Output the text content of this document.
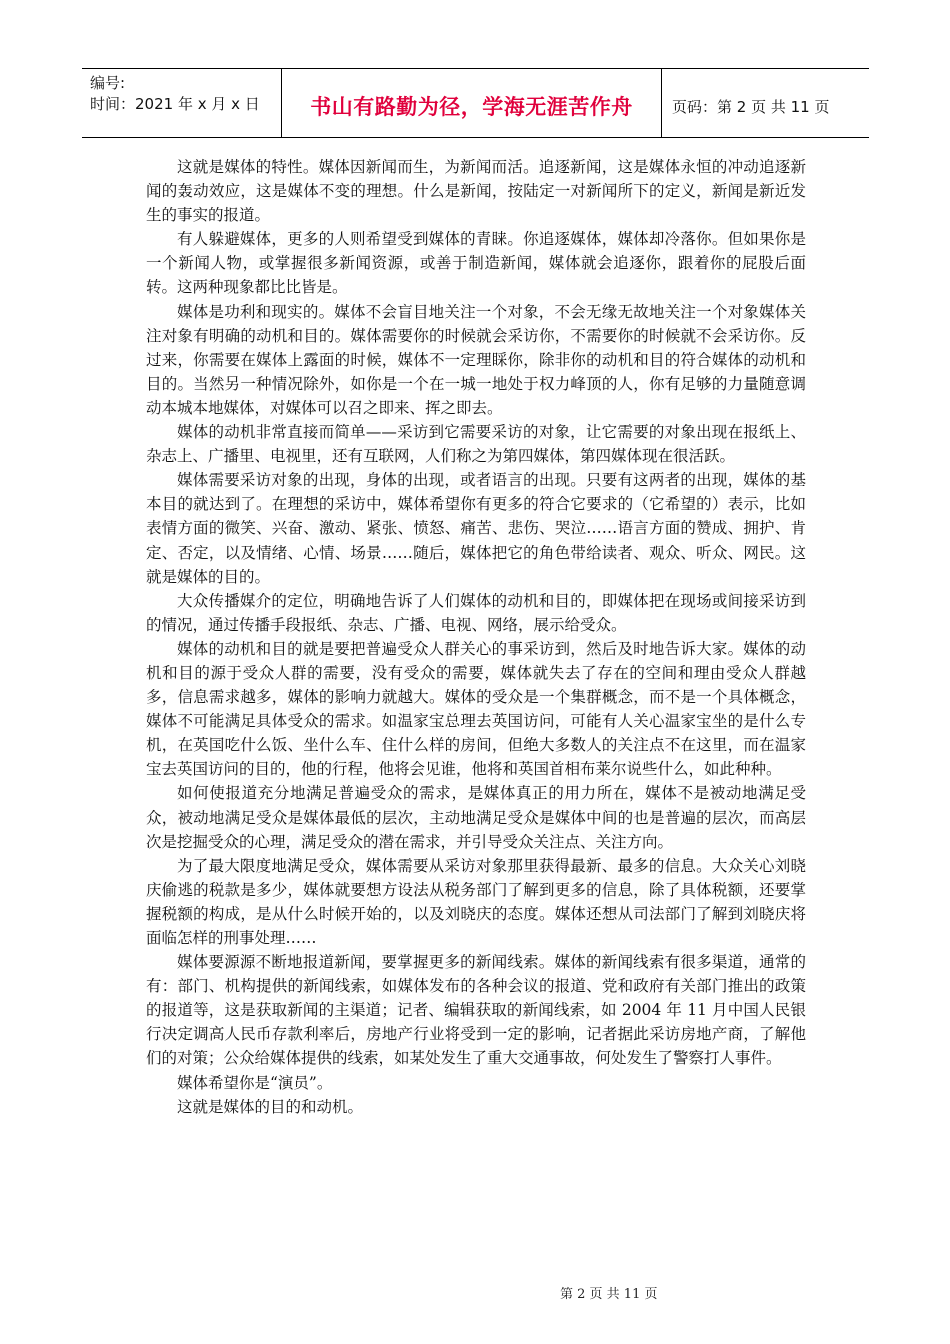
编号:
时间：2021 年 x 月 x 日	书山有路勤为径，学海无涯苦作舟	页码：第 2 页 共 11 页

这就是媒体的特性。媒体因新闻而生，为新闻而活。追逐新闻，这是媒体永恒的冲动追逐新闻的轰动效应，这是媒体不变的理想。什么是新闻，按陆定一对新闻所下的定义，新闻是新近发生的事实的报道。

有人躲避媒体，更多的人则希望受到媒体的青睐。你追逐媒体，媒体却冷落你。但如果你是一个新闻人物，或掌握很多新闻资源，或善于制造新闻，媒体就会追逐你，跟着你的屁股后面转。这两种现象都比比皆是。

媒体是功利和现实的。媒体不会盲目地关注一个对象，不会无缘无故地关注一个对象媒体关注对象有明确的动机和目的。媒体需要你的时候就会采访你，不需要你的时候就不会采访你。反过来，你需要在媒体上露面的时候，媒体不一定理睬你，除非你的动机和目的符合媒体的动机和目的。当然另一种情况除外，如你是一个在一城一地处于权力峰顶的人，你有足够的力量随意调动本城本地媒体，对媒体可以召之即来、挥之即去。

媒体的动机非常直接而简单——采访到它需要采访的对象，让它需要的对象出现在报纸上、杂志上、广播里、电视里，还有互联网，人们称之为第四媒体，第四媒体现在很活跃。

媒体需要采访对象的出现，身体的出现，或者语言的出现。只要有这两者的出现，媒体的基本目的就达到了。在理想的采访中，媒体希望你有更多的符合它要求的（它希望的）表示，比如表情方面的微笑、兴奋、激动、紧张、愤怒、痛苦、悲伤、哭泣……语言方面的赞成、拥护、肯定、否定，以及情绪、心情、场景……随后，媒体把它的角色带给读者、观众、听众、网民。这就是媒体的目的。

大众传播媒介的定位，明确地告诉了人们媒体的动机和目的，即媒体把在现场或间接采访到的情况，通过传播手段报纸、杂志、广播、电视、网络，展示给受众。

媒体的动机和目的就是要把普遍受众人群关心的事采访到，然后及时地告诉大家。媒体的动机和目的源于受众人群的需要，没有受众的需要，媒体就失去了存在的空间和理由受众人群越多，信息需求越多，媒体的影响力就越大。媒体的受众是一个集群概念，而不是一个具体概念，媒体不可能满足具体受众的需求。如温家宝总理去英国访问，可能有人关心温家宝坐的是什么专机，在英国吃什么饭、坐什么车、住什么样的房间，但绝大多数人的关注点不在这里，而在温家宝去英国访问的目的，他的行程，他将会见谁，他将和英国首相布莱尔说些什么，如此种种。

如何使报道充分地满足普遍受众的需求，是媒体真正的用力所在，媒体不是被动地满足受众，被动地满足受众是媒体最低的层次，主动地满足受众是媒体中间的也是普遍的层次，而高层次是挖掘受众的心理，满足受众的潜在需求，并引导受众关注点、关注方向。

为了最大限度地满足受众，媒体需要从采访对象那里获得最新、最多的信息。大众关心刘晓庆偷逃的税款是多少，媒体就要想方设法从税务部门了解到更多的信息，除了具体税额，还要掌握税额的构成，是从什么时候开始的，以及刘晓庆的态度。媒体还想从司法部门了解到刘晓庆将面临怎样的刑事处理……

媒体要源源不断地报道新闻，要掌握更多的新闻线索。媒体的新闻线索有很多渠道，通常的有：部门、机构提供的新闻线索，如媒体发布的各种会议的报道、党和政府有关部门推出的政策的报道等，这是获取新闻的主渠道；记者、编辑获取的新闻线索，如 2004 年 11 月中国人民银行决定调高人民币存款利率后，房地产行业将受到一定的影响，记者据此采访房地产商，了解他们的对策；公众给媒体提供的线索，如某处发生了重大交通事故，何处发生了警察打人事件。

媒体希望你是“演员”。

这就是媒体的目的和动机。

第 2 页 共 11 页
